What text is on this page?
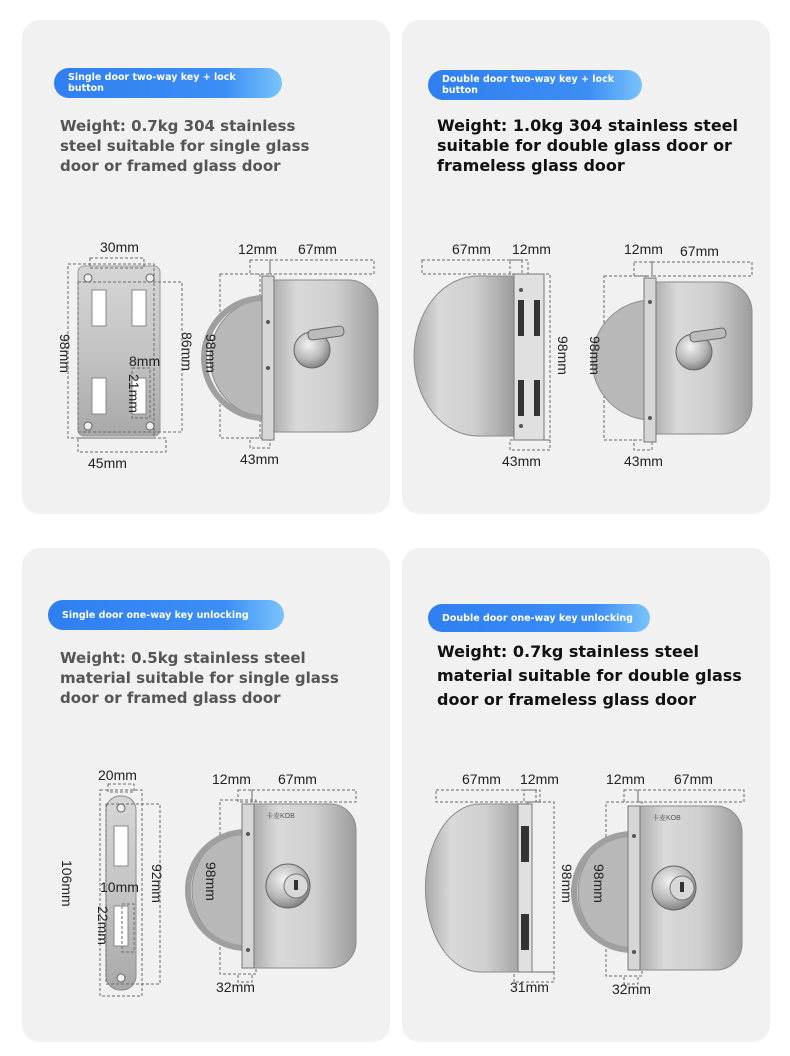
Single door two-way key + lock
button
Weight: 0.7kg 304 stainless
steel suitable for single glass
door or framed glass door
30mm
98mm	86mm
8mm
21mm
45mm
12mm 67mm
98mm
43mm
Double door two-way key + lock
button
Weight: 1.0kg 304 stainless steel
suitable for double glass door or
frameless glass door
67mm 12mm
98mm
43mm
12mm 67mm
98mm
43mm
Single door one-way key unlocking
Weight: 0.5kg stainless steel
material suitable for single glass
door or framed glass door
20mm
106mm	92mm
10mm
22mm
卡麦KOB
12mm 67mm
98mm
32mm
Double door one-way key unlocking
Weight: 0.7kg stainless steel
material suitable for double glass
door or frameless glass door
67mm 12mm
98mm
31mm
卡麦KOB
12mm 67mm
98mm
32mm
